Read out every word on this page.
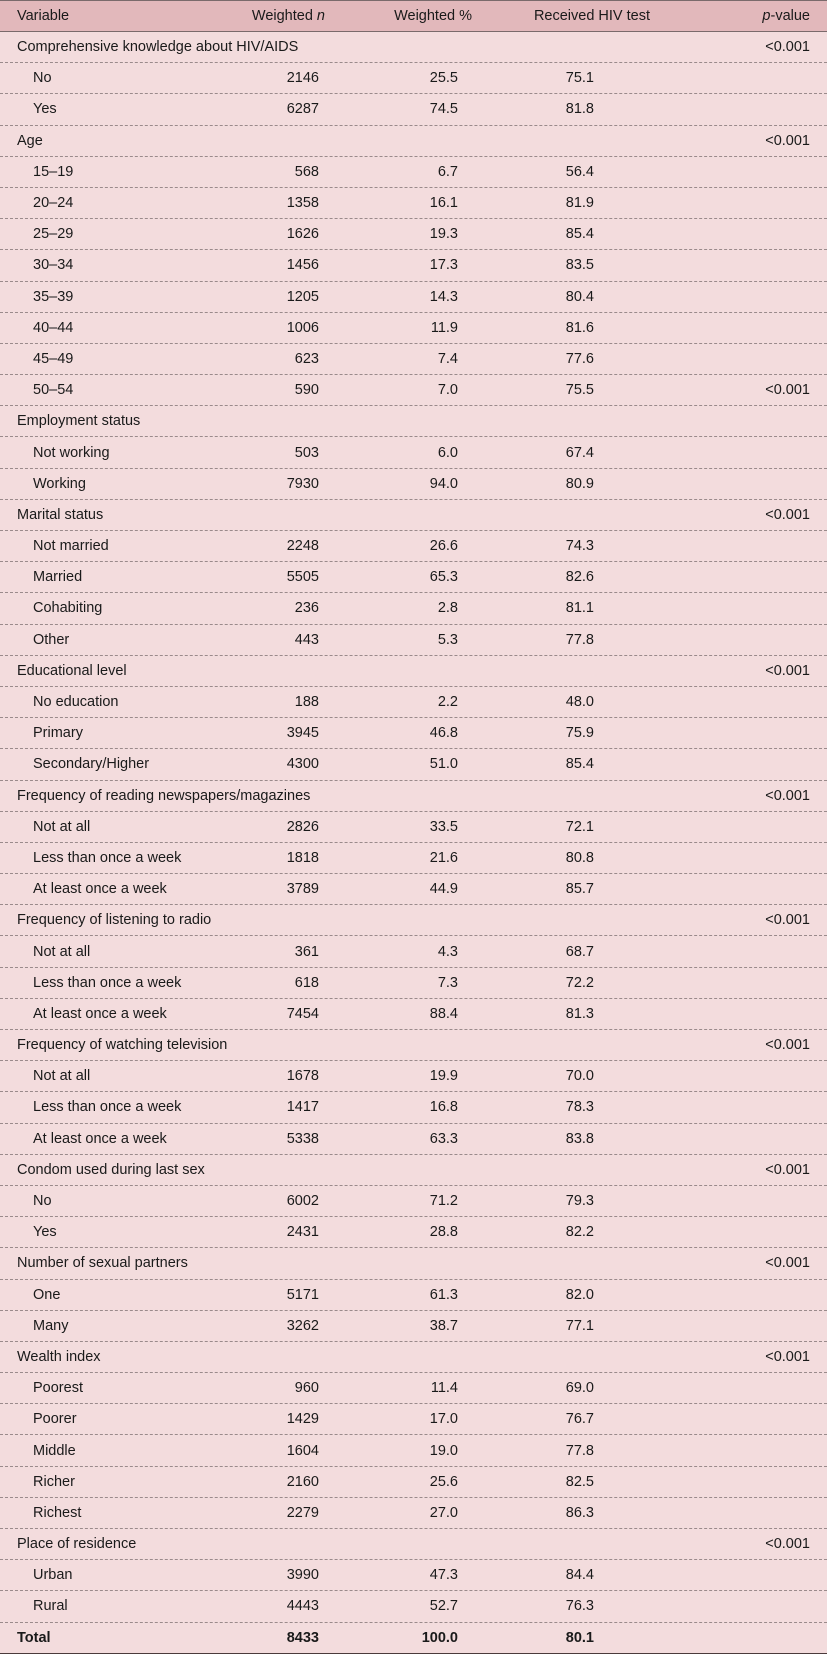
Variable	Weighted n	Weighted %	Received HIV test	p-value
Comprehensive knowledge about HIV/AIDS	<0.001
No	2146	25.5	75.1
Yes	6287	74.5	81.8
Age	<0.001
15–19	568	6.7	56.4
20–24	1358	16.1	81.9
25–29	1626	19.3	85.4
30–34	1456	17.3	83.5
35–39	1205	14.3	80.4
40–44	1006	11.9	81.6
45–49	623	7.4	77.6
50–54	590	7.0	75.5	<0.001
Employment status
Not working	503	6.0	67.4
Working	7930	94.0	80.9
Marital status	<0.001
Not married	2248	26.6	74.3
Married	5505	65.3	82.6
Cohabiting	236	2.8	81.1
Other	443	5.3	77.8
Educational level	<0.001
No education	188	2.2	48.0
Primary	3945	46.8	75.9
Secondary/Higher	4300	51.0	85.4
Frequency of reading newspapers/magazines	<0.001
Not at all	2826	33.5	72.1
Less than once a week	1818	21.6	80.8
At least once a week	3789	44.9	85.7
Frequency of listening to radio	<0.001
Not at all	361	4.3	68.7
Less than once a week	618	7.3	72.2
At least once a week	7454	88.4	81.3
Frequency of watching television	<0.001
Not at all	1678	19.9	70.0
Less than once a week	1417	16.8	78.3
At least once a week	5338	63.3	83.8
Condom used during last sex	<0.001
No	6002	71.2	79.3
Yes	2431	28.8	82.2
Number of sexual partners	<0.001
One	5171	61.3	82.0
Many	3262	38.7	77.1
Wealth index	<0.001
Poorest	960	11.4	69.0
Poorer	1429	17.0	76.7
Middle	1604	19.0	77.8
Richer	2160	25.6	82.5
Richest	2279	27.0	86.3
Place of residence	<0.001
Urban	3990	47.3	84.4
Rural	4443	52.7	76.3
Total	8433	100.0	80.1
